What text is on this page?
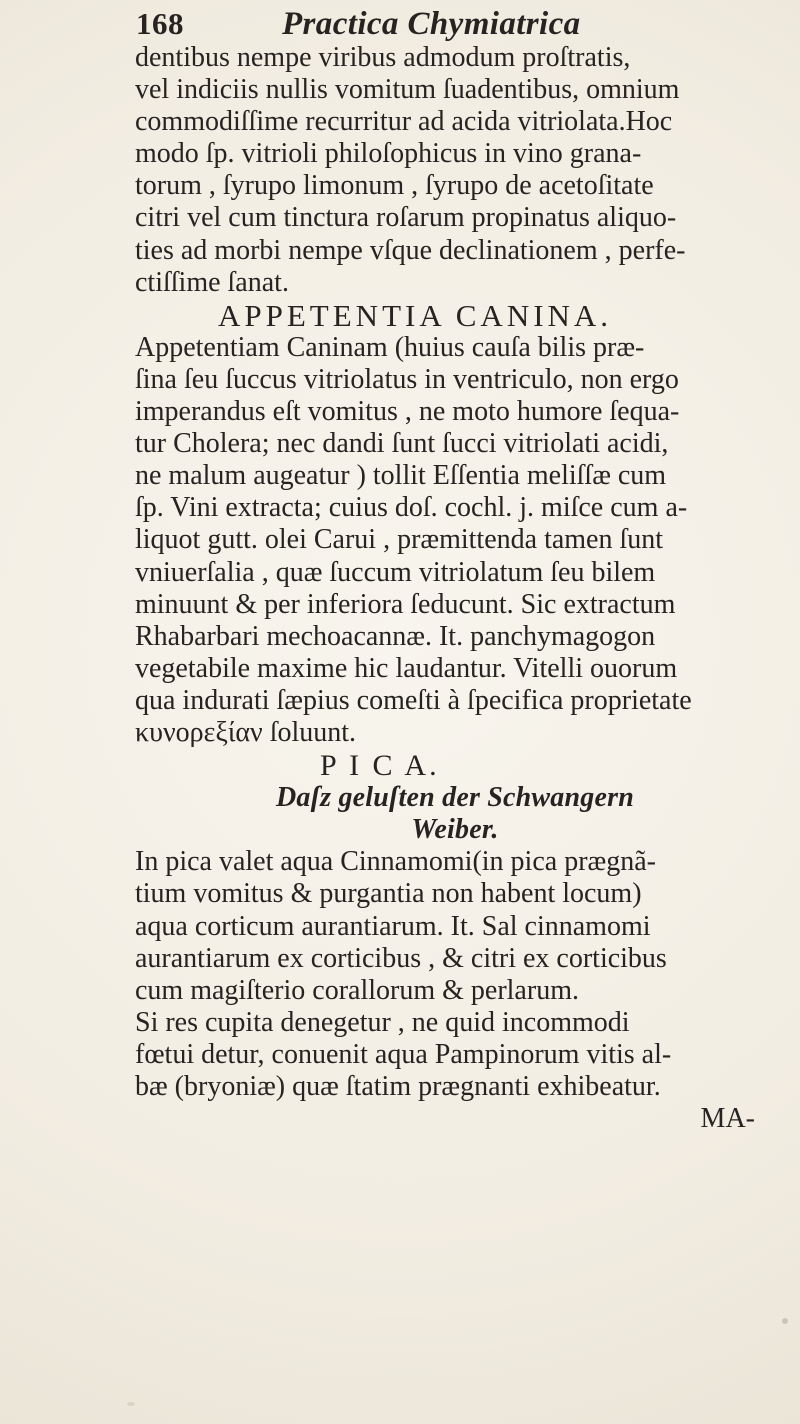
168	Practica Chymiatrica
dentibus nempe viribus admodum proſtratis,
vel indiciis nullis vomitum ſuadentibus, omnium
commodiſſime recurritur ad acida vitriolata.Hoc
modo ſp. vitrioli philoſophicus in vino grana-
torum , ſyrupo limonum , ſyrupo de acetoſitate
citri vel cum tinctura roſarum propinatus aliquo-
ties ad morbi nempe vſque declinationem , perfe-
ctiſſime ſanat.
APPETENTIA CANINA.
Appetentiam Caninam (huius cauſa bilis præ-
ſina ſeu ſuccus vitriolatus in ventriculo, non ergo
imperandus eſt vomitus , ne moto humore ſequa-
tur Cholera; nec dandi ſunt ſucci vitriolati acidi,
ne malum augeatur ) tollit Eſſentia meliſſæ cum
ſp. Vini extracta; cuius doſ. cochl. j. miſce cum a-
liquot gutt. olei Carui , præmittenda tamen ſunt
vniuerſalia , quæ ſuccum vitriolatum ſeu bilem
minuunt & per inferiora ſeducunt. Sic extractum
Rhabarbari mechoacannæ. It. panchymagogon
vegetabile maxime hic laudantur. Vitelli ouorum
qua indurati ſæpius comeſti à ſpecifica proprietate
κυνορεξίαν ſoluunt.
P I C A.
Daſz geluſten der Schwangern
Weiber.
In pica valet aqua Cinnamomi(in pica prægnã-
tium vomitus & purgantia non habent locum)
aqua corticum aurantiarum. It. Sal cinnamomi
aurantiarum ex corticibus , & citri ex corticibus
cum magiſterio corallorum & perlarum.
Si res cupita denegetur , ne quid incommodi
fœtui detur, conuenit aqua Pampinorum vitis al-
bæ (bryoniæ) quæ ſtatim prægnanti exhibeatur.
MA-
